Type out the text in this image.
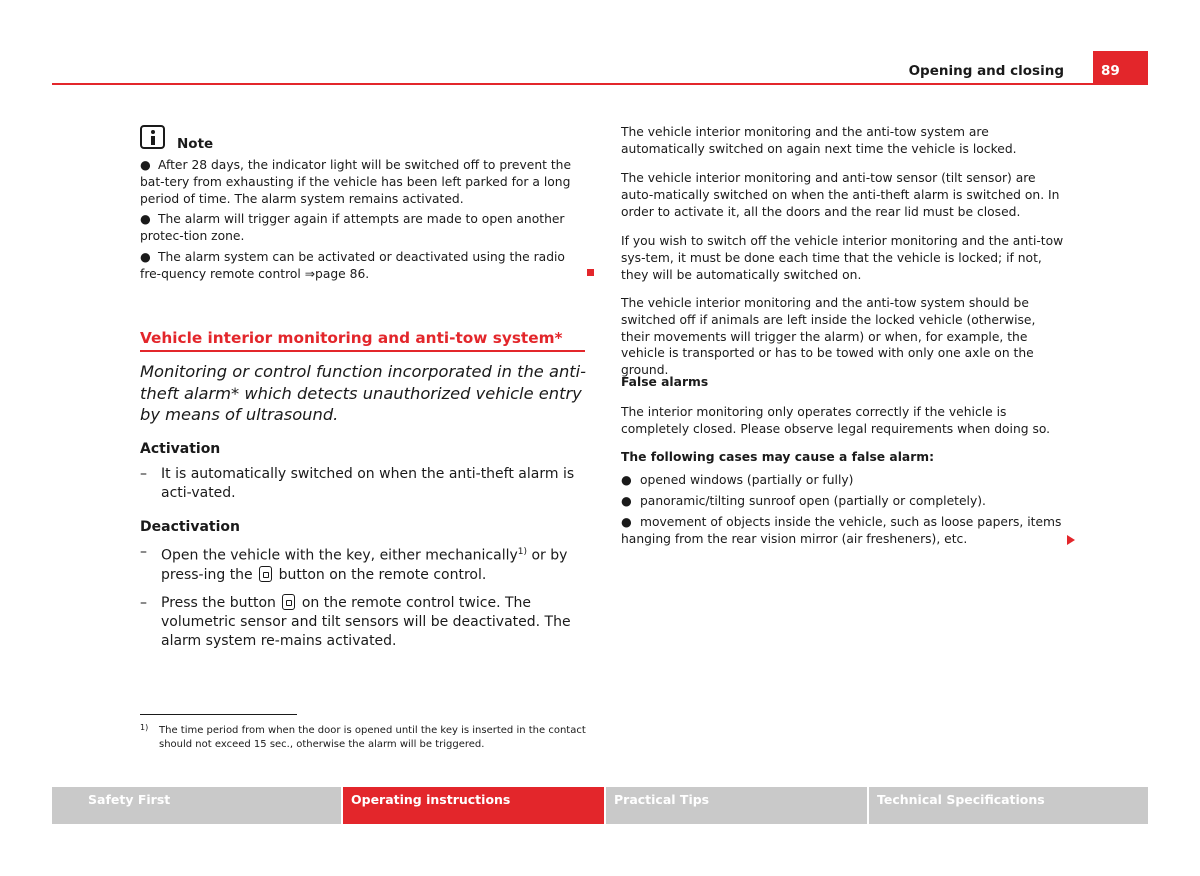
Opening and closing	89
Note
● After 28 days, the indicator light will be switched off to prevent the bat-tery from exhausting if the vehicle has been left parked for a long period of time. The alarm system remains activated.
● The alarm will trigger again if attempts are made to open another protec-tion zone.
● The alarm system can be activated or deactivated using the radio fre-quency remote control ⇒page 86.
Vehicle interior monitoring and anti-tow system*
Monitoring or control function incorporated in the anti-theft alarm* which detects unauthorized vehicle entry by means of ultrasound.
Activation
– It is automatically switched on when the anti-theft alarm is acti-vated.
Deactivation
– Open the vehicle with the key, either mechanically$^{1)}$ or by press-ing the button on the remote control.
– Press the button on the remote control twice. The volumetric sensor and tilt sensors will be deactivated. The alarm system re-mains activated.
1) The time period from when the door is opened until the key is inserted in the contact should not exceed 15 sec., otherwise the alarm will be triggered.
The vehicle interior monitoring and the anti-tow system are automatically switched on again next time the vehicle is locked.
The vehicle interior monitoring and anti-tow sensor (tilt sensor) are auto-matically switched on when the anti-theft alarm is switched on. In order to activate it, all the doors and the rear lid must be closed.
If you wish to switch off the vehicle interior monitoring and the anti-tow sys-tem, it must be done each time that the vehicle is locked; if not, they will be automatically switched on.
The vehicle interior monitoring and the anti-tow system should be switched off if animals are left inside the locked vehicle (otherwise, their movements will trigger the alarm) or when, for example, the vehicle is transported or has to be towed with only one axle on the ground.
False alarms
The interior monitoring only operates correctly if the vehicle is completely closed. Please observe legal requirements when doing so.
The following cases may cause a false alarm:
● opened windows (partially or fully)
● panoramic/tilting sunroof open (partially or completely).
● movement of objects inside the vehicle, such as loose papers, items hanging from the rear vision mirror (air fresheners), etc.
Safety First	Operating instructions	Practical Tips	Technical Specifications
